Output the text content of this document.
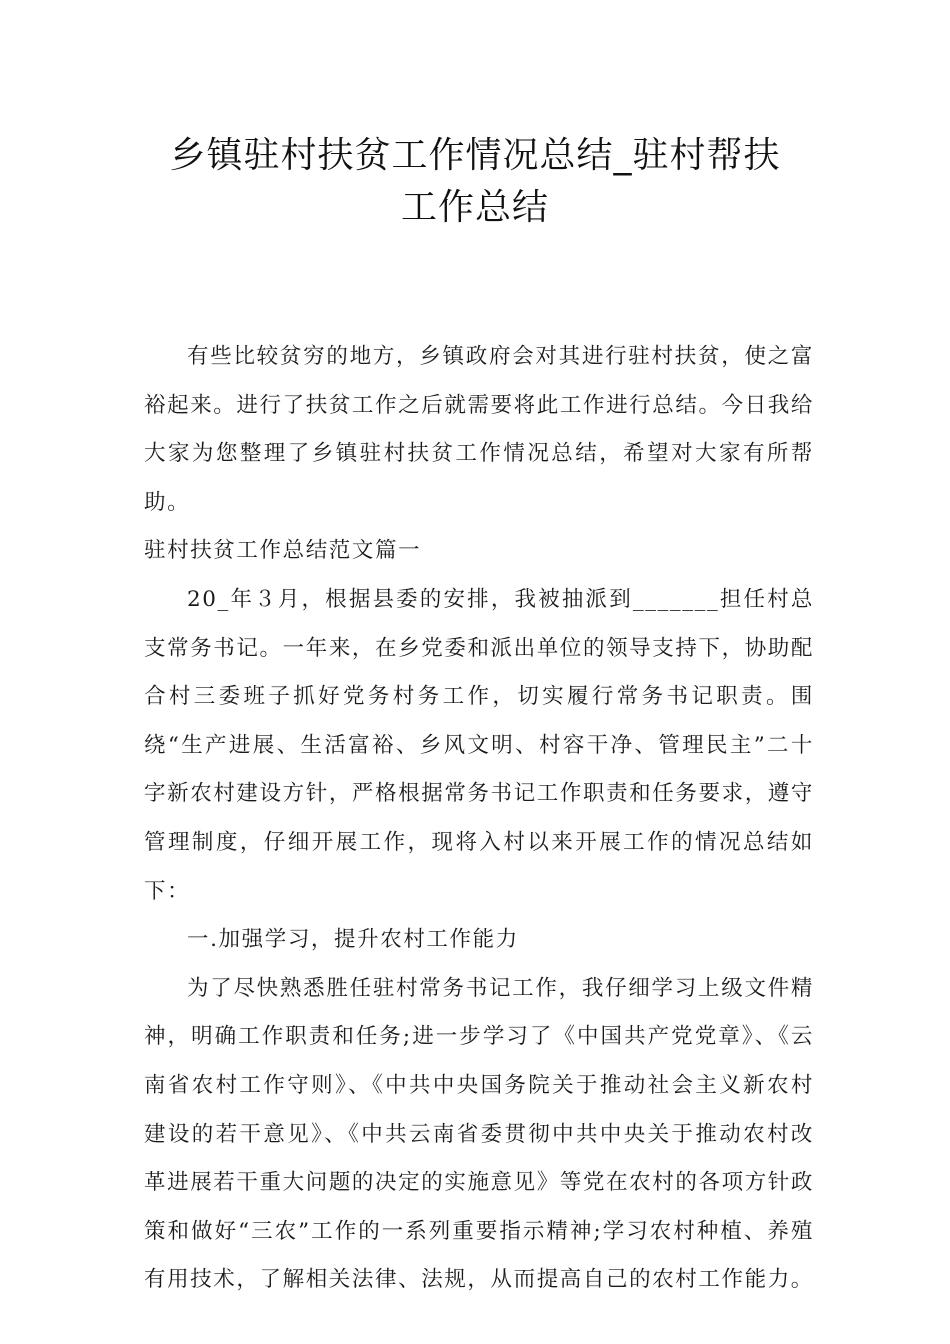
乡镇驻村扶贫工作情况总结_驻村帮扶
工作总结

有些比较贫穷的地方，乡镇政府会对其进行驻村扶贫，使之富裕起来。进行了扶贫工作之后就需要将此工作进行总结。今日我给大家为您整理了乡镇驻村扶贫工作情况总结，希望对大家有所帮助。

驻村扶贫工作总结范文篇一

20_年３月，根据县委的安排，我被抽派到_______担任村总支常务书记。一年来，在乡党委和派出单位的领导支持下，协助配合村三委班子抓好党务村务工作，切实履行常务书记职责。围绕“生产进展、生活富裕、乡风文明、村容干净、管理民主”二十字新农村建设方针，严格根据常务书记工作职责和任务要求，遵守管理制度，仔细开展工作，现将入村以来开展工作的情况总结如下：

一.加强学习，提升农村工作能力

为了尽快熟悉胜任驻村常务书记工作，我仔细学习上级文件精神，明确工作职责和任务;进一步学习了《中国共产党党章》、《云南省农村工作守则》、《中共中央国务院关于推动社会主义新农村建设的若干意见》、《中共云南省委贯彻中共中央关于推动农村改革进展若干重大问题的决定的实施意见》等党在农村的各项方针政策和做好“三农”工作的一系列重要指示精神;学习农村种植、养殖有用技术，了解相关法律、法规，从而提高自己的农村工作能力。
